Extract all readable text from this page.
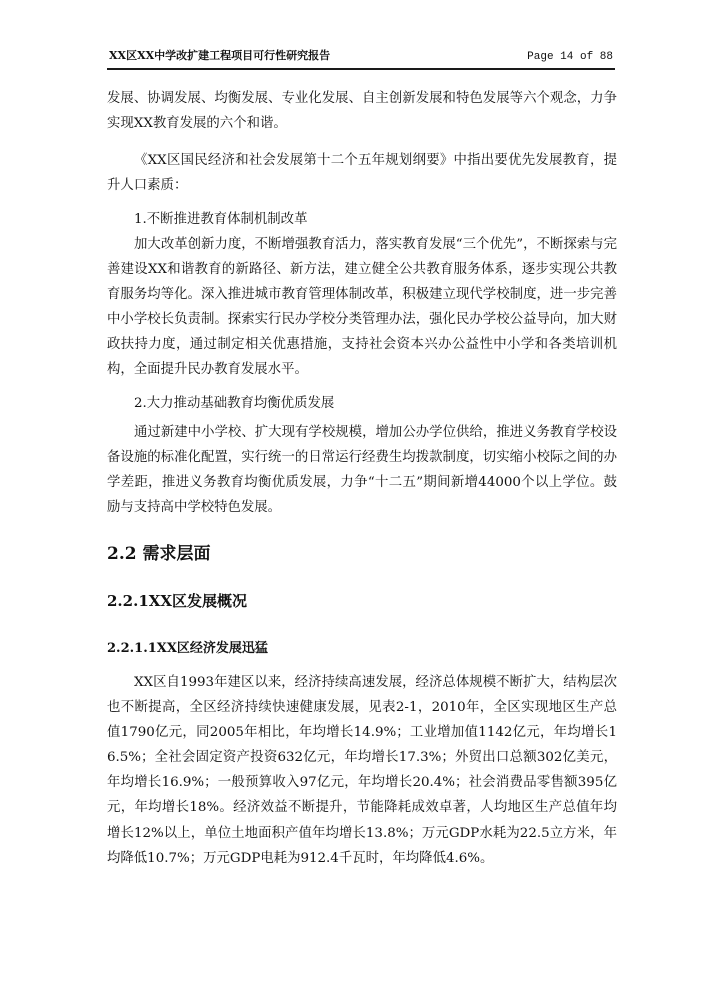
XX区XX中学改扩建工程项目可行性研究报告	Page 14 of 88

发展、协调发展、均衡发展、专业化发展、自主创新发展和特色发展等六个观念，力争实现XX教育发展的六个和谐。

《XX区国民经济和社会发展第十二个五年规划纲要》中指出要优先发展教育，提升人口素质：

1.不断推进教育体制机制改革

加大改革创新力度，不断增强教育活力，落实教育发展“三个优先”，不断探索与完善建设XX和谐教育的新路径、新方法，建立健全公共教育服务体系，逐步实现公共教育服务均等化。深入推进城市教育管理体制改革，积极建立现代学校制度，进一步完善中小学校长负责制。探索实行民办学校分类管理办法，强化民办学校公益导向，加大财政扶持力度，通过制定相关优惠措施，支持社会资本兴办公益性中小学和各类培训机构，全面提升民办教育发展水平。

2.大力推动基础教育均衡优质发展

通过新建中小学校、扩大现有学校规模，增加公办学位供给，推进义务教育学校设备设施的标准化配置，实行统一的日常运行经费生均拨款制度，切实缩小校际之间的办学差距，推进义务教育均衡优质发展，力争“十二五”期间新增44000个以上学位。鼓励与支持高中学校特色发展。

2.2 需求层面
2.2.1XX区发展概况
2.2.1.1XX区经济发展迅猛

XX区自1993年建区以来，经济持续高速发展，经济总体规模不断扩大，结构层次也不断提高，全区经济持续快速健康发展，见表2-1，2010年，全区实现地区生产总值1790亿元，同2005年相比，年均增长14.9%；工业增加值1142亿元，年均增长16.5%；全社会固定资产投资632亿元，年均增长17.3%；外贸出口总额302亿美元，年均增长16.9%；一般预算收入97亿元，年均增长20.4%；社会消费品零售额395亿元，年均增长18%。经济效益不断提升，节能降耗成效卓著，人均地区生产总值年均增长12%以上，单位土地面积产值年均增长13.8%；万元GDP水耗为22.5立方米，年均降低10.7%；万元GDP电耗为912.4千瓦时，年均降低4.6%。
